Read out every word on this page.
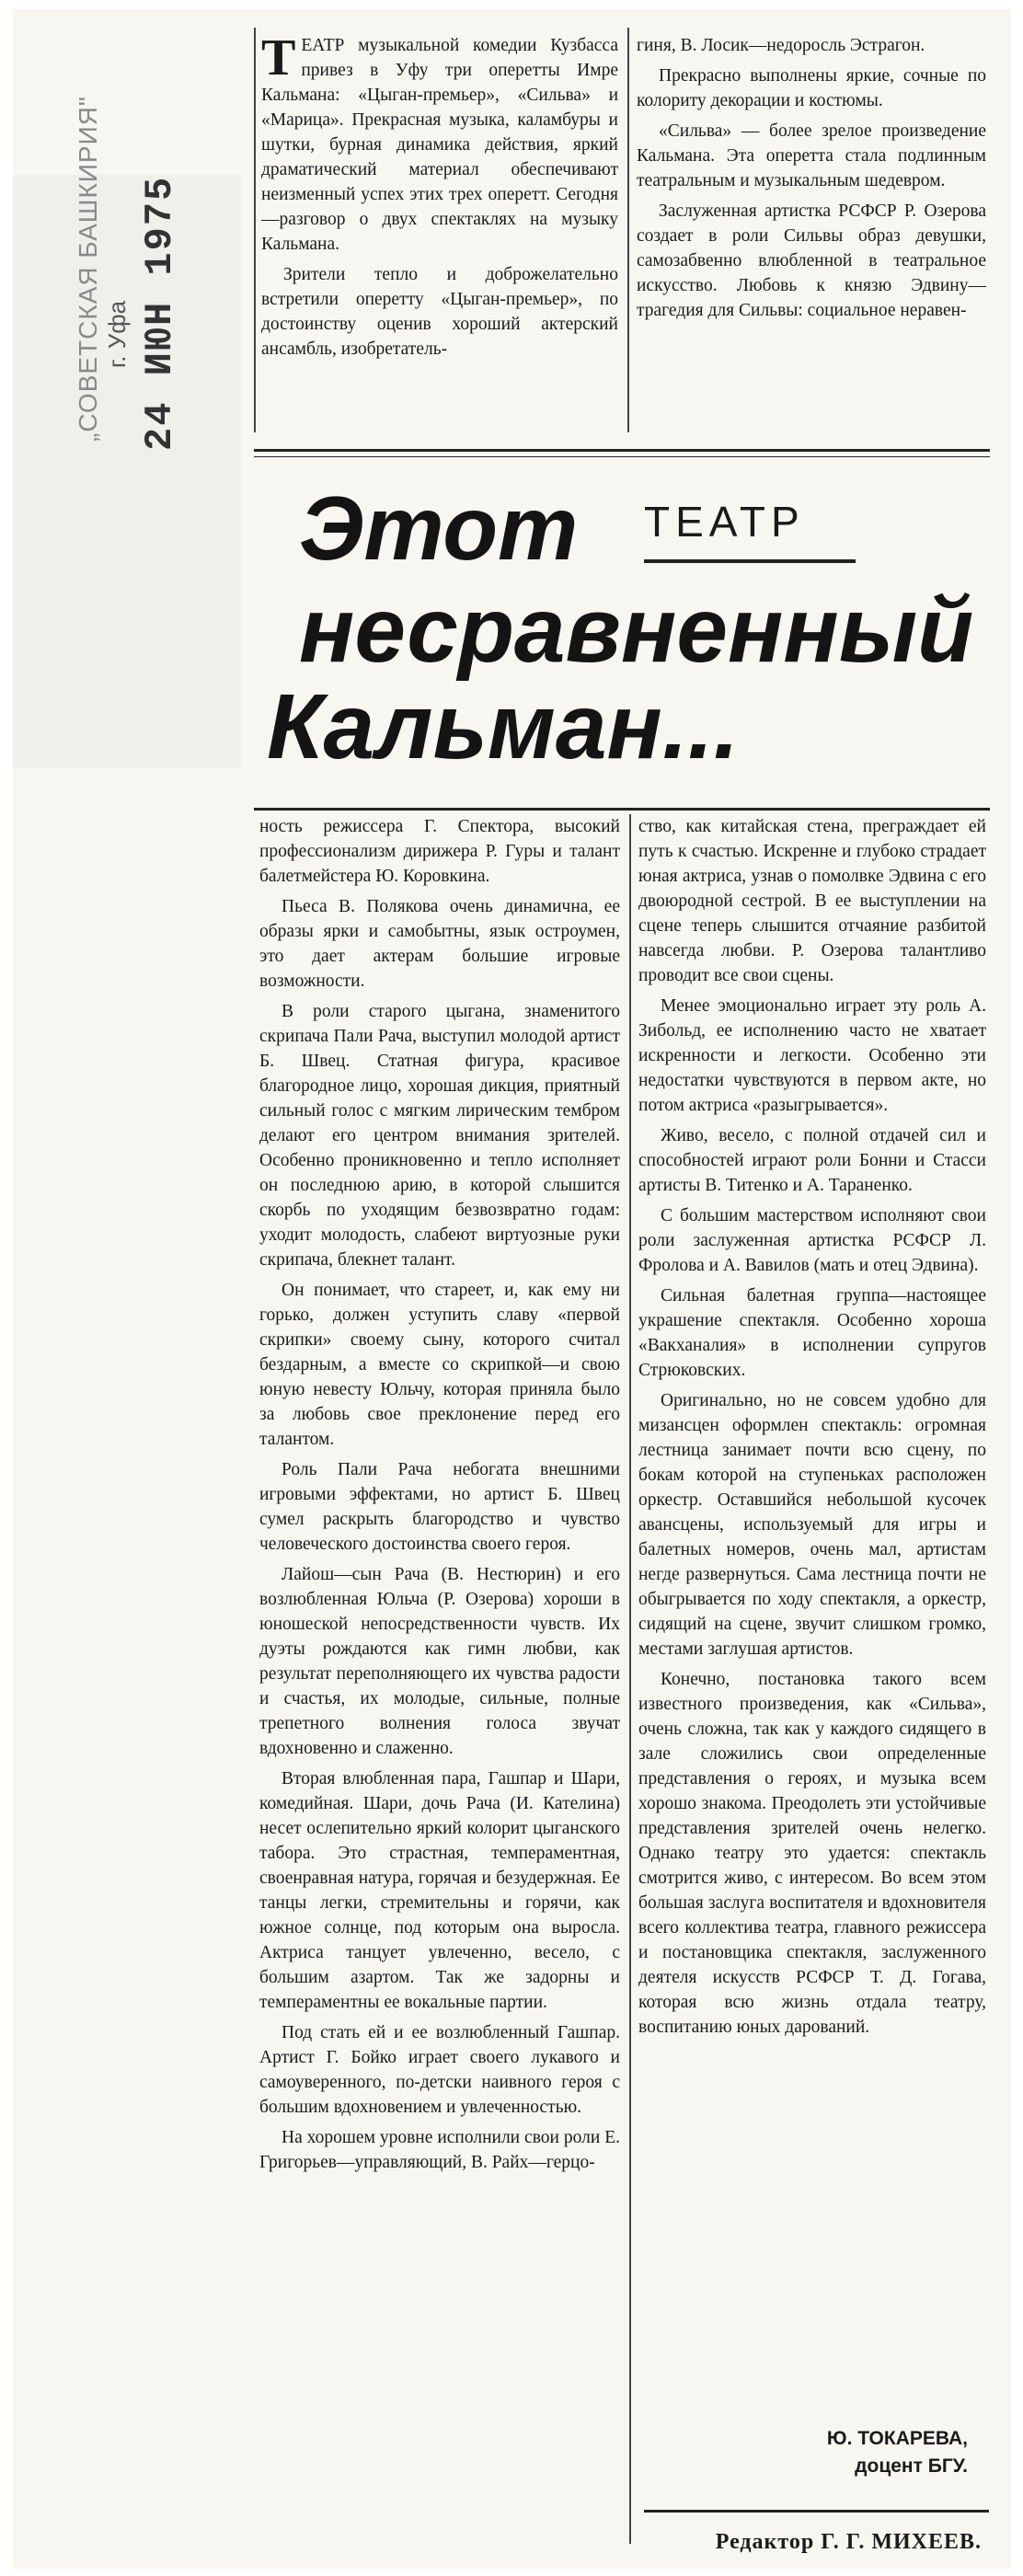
„СОВЕТСКАЯ БАШКИРИЯ" г. Уфа 24 ИЮН 1975

ТЕАТР музыкальной комедии Кузбасса привез в Уфу три оперетты Имре Кальмана: «Цыган-премьер», «Сильва» и «Марица». Прекрасная музыка, каламбуры и шутки, бурная динамика действия, яркий драматический материал обеспечивают неизменный успех этих трех оперетт. Сегодня—разговор о двух спектаклях на музыку Кальмана.

Зрители тепло и доброжелательно встретили оперетту «Цыган-премьер», по достоинству оценив хороший актерский ансамбль, изобретатель-

гиня, В. Лосик—недоросль Эстрагон.

Прекрасно выполнены яркие, сочные по колориту декорации и костюмы.

«Сильва» — более зрелое произведение Кальмана. Эта оперетта стала подлинным театральным и музыкальным шедевром.

Заслуженная артистка РСФСР Р. Озерова создает в роли Сильвы образ девушки, самозабвенно влюбленной в театральное искусство. Любовь к князю Эдвину—трагедия для Сильвы: социальное неравен-

Этот ТЕАТР
несравненный
Кальман...

ность режиссера Г. Спектора, высокий профессионализм дирижера Р. Гуры и талант балетмейстера Ю. Коровкина.

Пьеса В. Полякова очень динамична, ее образы ярки и самобытны, язык остроумен, это дает актерам большие игровые возможности.

В роли старого цыгана, знаменитого скрипача Пали Рача, выступил молодой артист Б. Швец. Статная фигура, красивое благородное лицо, хорошая дикция, приятный сильный голос с мягким лирическим тембром делают его центром внимания зрителей. Особенно проникновенно и тепло исполняет он последнюю арию, в которой слышится скорбь по уходящим безвозвратно годам: уходит молодость, слабеют виртуозные руки скрипача, блекнет талант.

Он понимает, что стареет, и, как ему ни горько, должен уступить славу «первой скрипки» своему сыну, которого считал бездарным, а вместе со скрипкой—и свою юную невесту Юльчу, которая приняла было за любовь свое преклонение перед его талантом.

Роль Пали Рача небогата внешними игровыми эффектами, но артист Б. Швец сумел раскрыть благородство и чувство человеческого достоинства своего героя.

Лайош—сын Рача (В. Нестюрин) и его возлюбленная Юльча (Р. Озерова) хороши в юношеской непосредственности чувств. Их дуэты рождаются как гимн любви, как результат переполняющего их чувства радости и счастья, их молодые, сильные, полные трепетного волнения голоса звучат вдохновенно и слаженно.

Вторая влюбленная пара, Гашпар и Шари, комедийная. Шари, дочь Рача (И. Кателина) несет ослепительно яркий колорит цыганского табора. Это страстная, темпераментная, своенравная натура, горячая и безудержная. Ее танцы легки, стремительны и горячи, как южное солнце, под которым она выросла. Актриса танцует увлеченно, весело, с большим азартом. Так же задорны и темпераментны ее вокальные партии.

Под стать ей и ее возлюбленный Гашпар. Артист Г. Бойко играет своего лукавого и самоуверенного, по-детски наивного героя с большим вдохновением и увлеченностью.

На хорошем уровне исполнили свои роли Е. Григорьев—управляющий, В. Райх—герцо-

ство, как китайская стена, преграждает ей путь к счастью. Искренне и глубоко страдает юная актриса, узнав о помолвке Эдвина с его двоюродной сестрой. В ее выступлении на сцене теперь слышится отчаяние разбитой навсегда любви. Р. Озерова талантливо проводит все свои сцены.

Менее эмоционально играет эту роль А. Зибольд, ее исполнению часто не хватает искренности и легкости. Особенно эти недостатки чувствуются в первом акте, но потом актриса «разыгрывается».

Живо, весело, с полной отдачей сил и способностей играют роли Бонни и Стасси артисты В. Титенко и А. Тараненко.

С большим мастерством исполняют свои роли заслуженная артистка РСФСР Л. Фролова и А. Вавилов (мать и отец Эдвина).

Сильная балетная группа—настоящее украшение спектакля. Особенно хороша «Вакханалия» в исполнении супругов Стрюковских.

Оригинально, но не совсем удобно для мизансцен оформлен спектакль: огромная лестница занимает почти всю сцену, по бокам которой на ступеньках расположен оркестр. Оставшийся небольшой кусочек авансцены, используемый для игры и балетных номеров, очень мал, артистам негде развернуться. Сама лестница почти не обыгрывается по ходу спектакля, а оркестр, сидящий на сцене, звучит слишком громко, местами заглушая артистов.

Конечно, постановка такого всем известного произведения, как «Сильва», очень сложна, так как у каждого сидящего в зале сложились свои определенные представления о героях, и музыка всем хорошо знакома. Преодолеть эти устойчивые представления зрителей очень нелегко. Однако театру это удается: спектакль смотрится живо, с интересом. Во всем этом большая заслуга воспитателя и вдохновителя всего коллектива театра, главного режиссера и постановщика спектакля, заслуженного деятеля искусств РСФСР Т. Д. Гогава, которая всю жизнь отдала театру, воспитанию юных дарований.

Ю. ТОКАРЕВА,
доцент БГУ.
Редактор Г. Г. МИХЕЕВ.
